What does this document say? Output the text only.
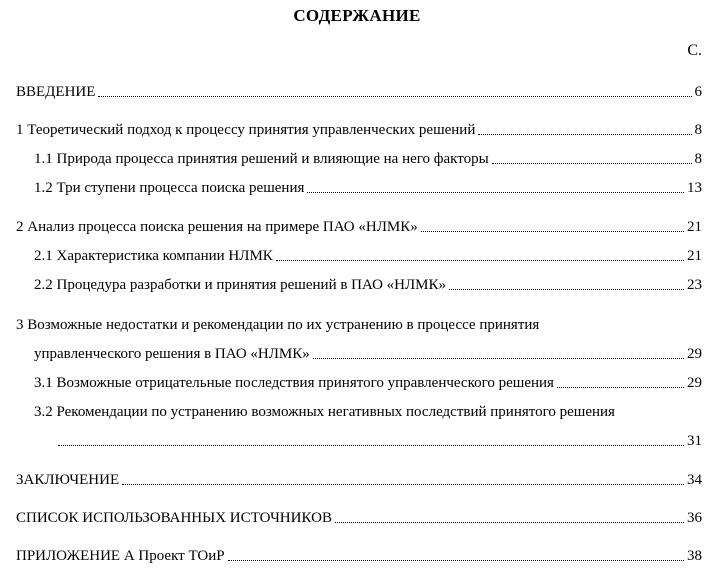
СОДЕРЖАНИЕ
С.
ВВЕДЕНИЕ	6
1 Теоретический подход к процессу принятия управленческих решений	8
1.1 Природа процесса принятия решений и влияющие на него факторы	8
1.2 Три ступени процесса поиска решения	13
2 Анализ процесса поиска решения на примере ПАО «НЛМК»	21
2.1 Характеристика компании НЛМК	21
2.2 Процедура разработки и принятия решений в ПАО «НЛМК»	23
3 Возможные недостатки и рекомендации по их устранению в процессе принятия
управленческого решения в ПАО «НЛМК»	29
3.1 Возможные отрицательные последствия принятого управленческого решения	29
3.2 Рекомендации по устранению возможных негативных последствий принятого решения
31
ЗАКЛЮЧЕНИЕ	34
СПИСОК ИСПОЛЬЗОВАННЫХ ИСТОЧНИКОВ	36
ПРИЛОЖЕНИЕ А Проект ТОиР	38
